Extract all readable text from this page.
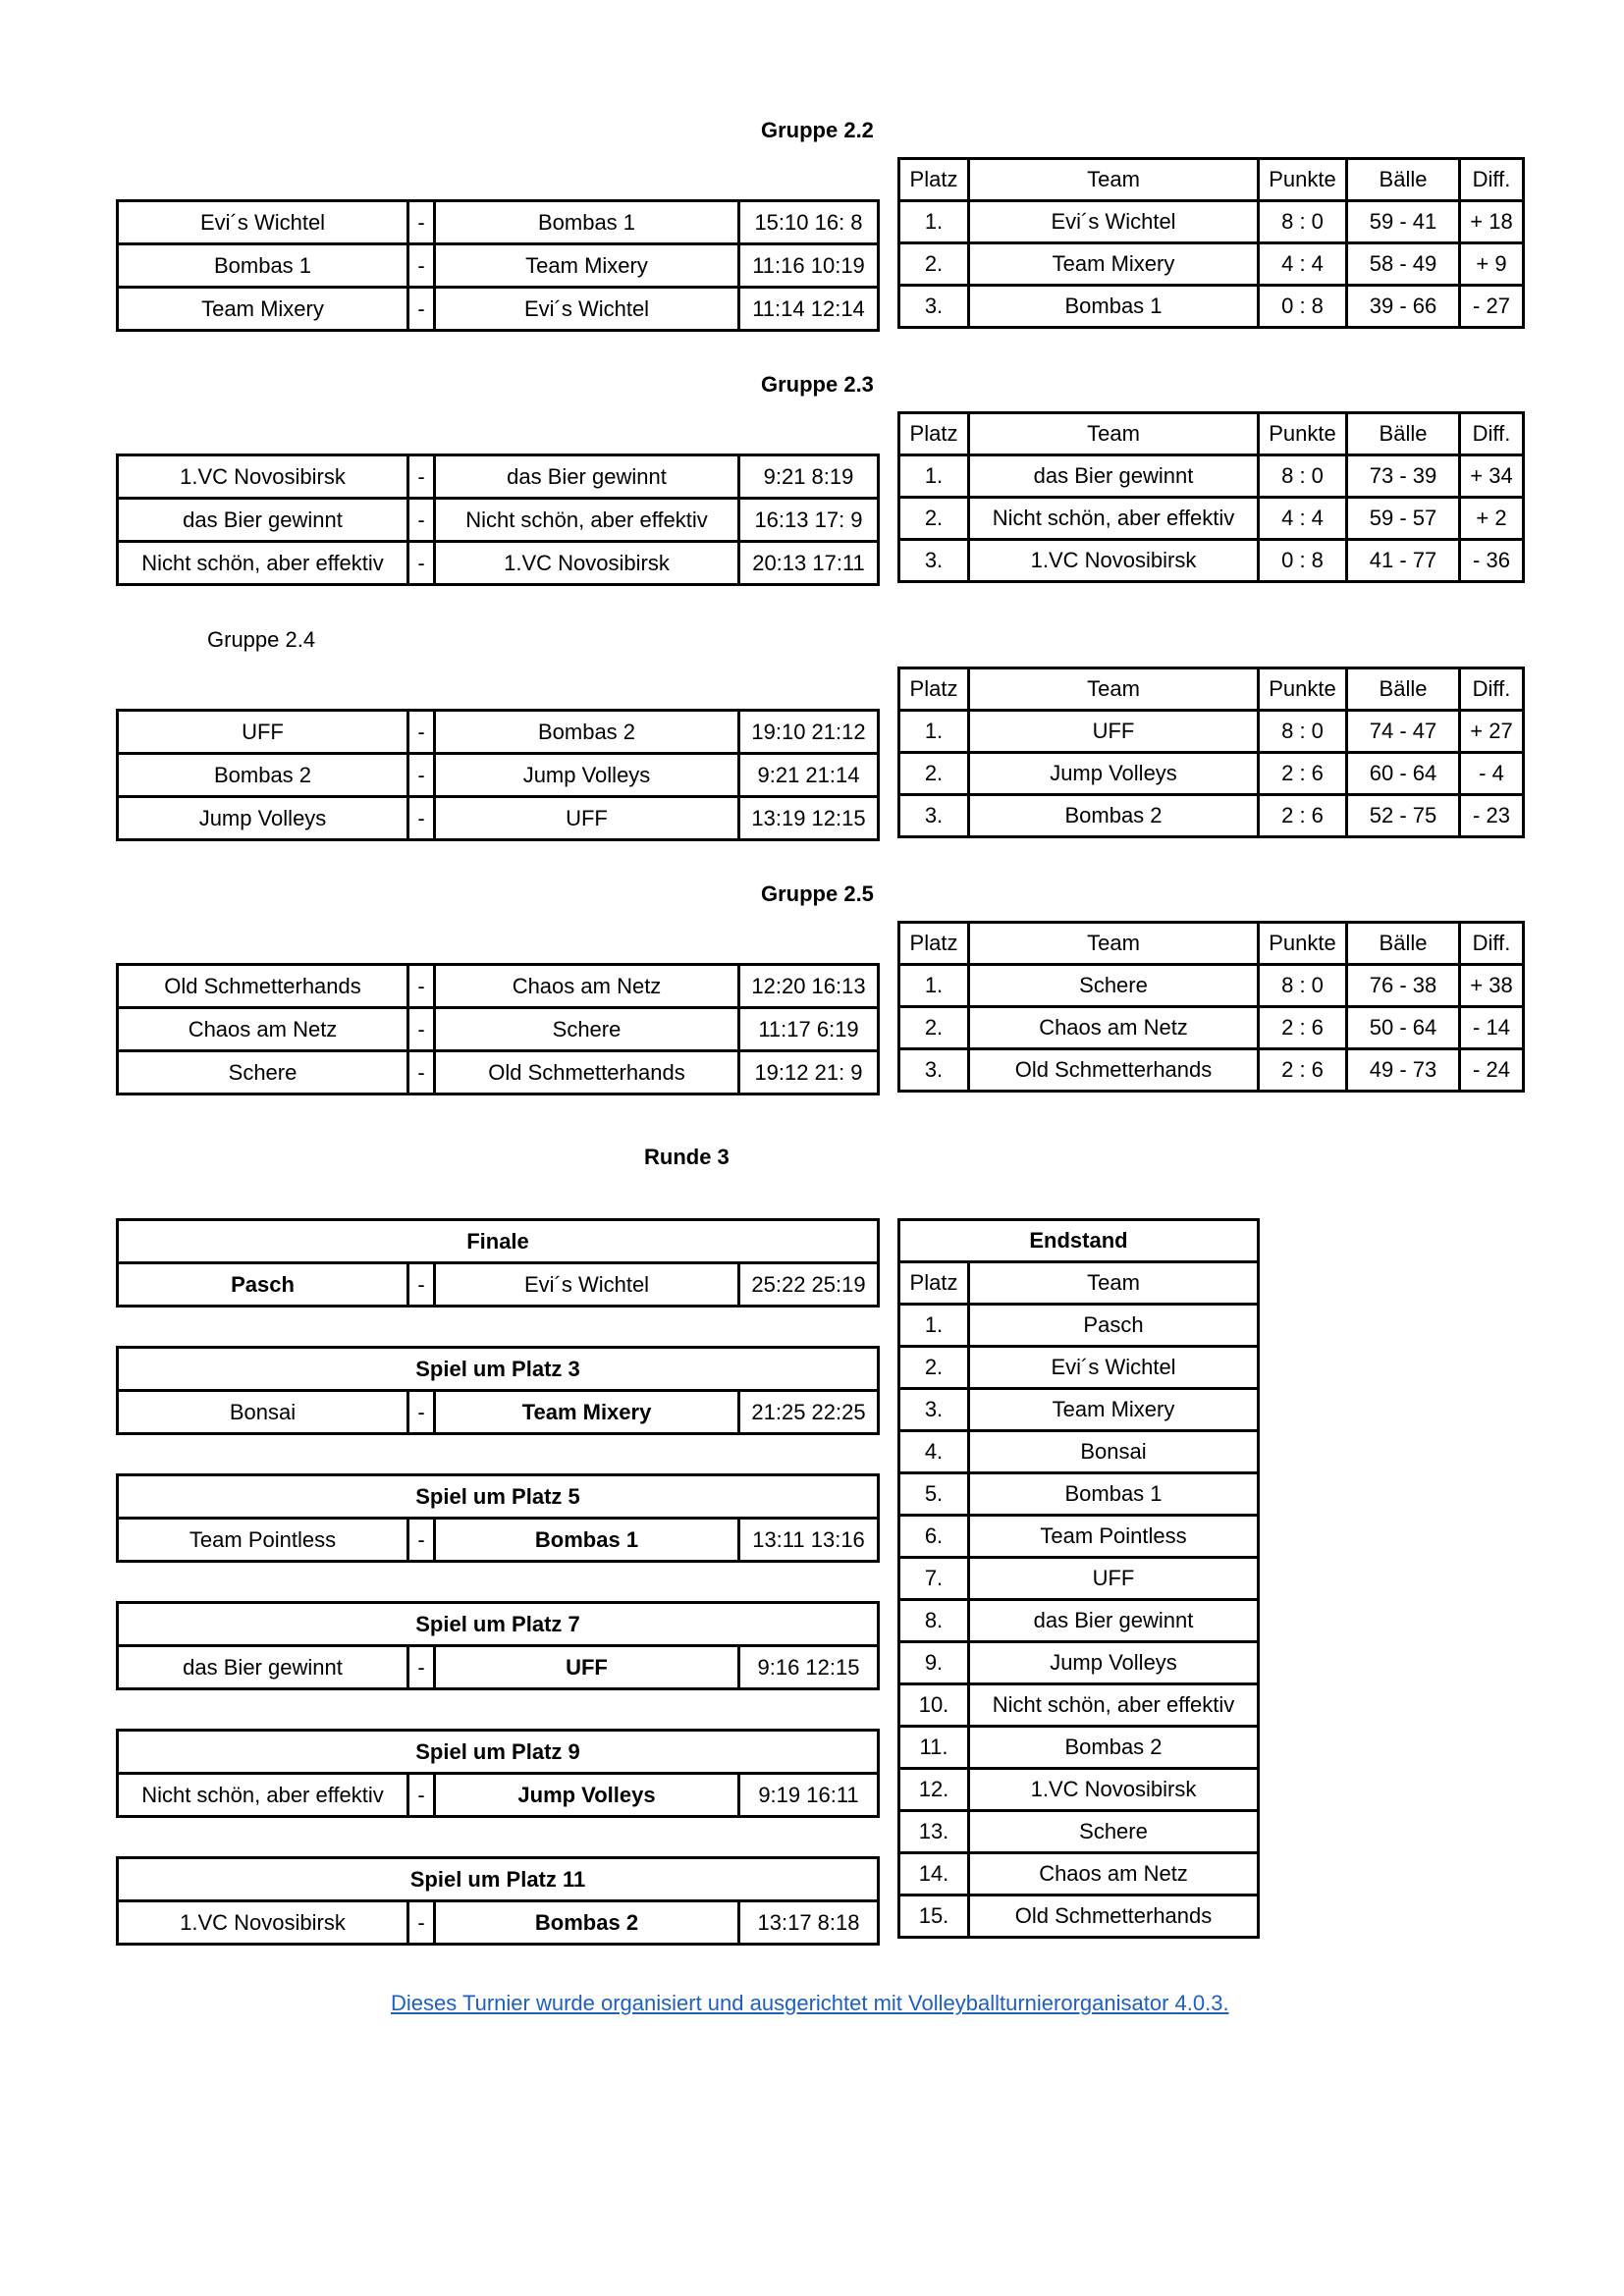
Gruppe 2.2
Platz	Team	Punkte	Bälle	Diff.
1.	Evi´s Wichtel	8 : 0	59 - 41	+ 18
2.	Team Mixery	4 : 4	58 - 49	+ 9
3.	Bombas 1	0 : 8	39 - 66	- 27
Evi´s Wichtel	-	Bombas 1	15:10 16: 8
Bombas 1	-	Team Mixery	11:16 10:19
Team Mixery	-	Evi´s Wichtel	11:14 12:14
Gruppe 2.3
Platz	Team	Punkte	Bälle	Diff.
1.	das Bier gewinnt	8 : 0	73 - 39	+ 34
2.	Nicht schön, aber effektiv	4 : 4	59 - 57	+ 2
3.	1.VC Novosibirsk	0 : 8	41 - 77	- 36
1.VC Novosibirsk	-	das Bier gewinnt	9:21 8:19
das Bier gewinnt	-	Nicht schön, aber effektiv	16:13 17: 9
Nicht schön, aber effektiv	-	1.VC Novosibirsk	20:13 17:11
Gruppe 2.4
Platz	Team	Punkte	Bälle	Diff.
1.	UFF	8 : 0	74 - 47	+ 27
2.	Jump Volleys	2 : 6	60 - 64	- 4
3.	Bombas 2	2 : 6	52 - 75	- 23
UFF	-	Bombas 2	19:10 21:12
Bombas 2	-	Jump Volleys	9:21 21:14
Jump Volleys	-	UFF	13:19 12:15
Gruppe 2.5
Platz	Team	Punkte	Bälle	Diff.
1.	Schere	8 : 0	76 - 38	+ 38
2.	Chaos am Netz	2 : 6	50 - 64	- 14
3.	Old Schmetterhands	2 : 6	49 - 73	- 24
Old Schmetterhands	-	Chaos am Netz	12:20 16:13
Chaos am Netz	-	Schere	11:17 6:19
Schere	-	Old Schmetterhands	19:12 21: 9
Runde 3
Finale
Pasch	-	Evi´s Wichtel	25:22 25:19
Spiel um Platz 3
Bonsai	-	Team Mixery	21:25 22:25
Spiel um Platz 5
Team Pointless	-	Bombas 1	13:11 13:16
Spiel um Platz 7
das Bier gewinnt	-	UFF	9:16 12:15
Spiel um Platz 9
Nicht schön, aber effektiv	-	Jump Volleys	9:19 16:11
Spiel um Platz 11
1.VC Novosibirsk	-	Bombas 2	13:17 8:18
Endstand	
Platz	Team
1.	Pasch
2.	Evi´s Wichtel
3.	Team Mixery
4.	Bonsai
5.	Bombas 1
6.	Team Pointless
7.	UFF
8.	das Bier gewinnt
9.	Jump Volleys
10.	Nicht schön, aber effektiv
11.	Bombas 2
12.	1.VC Novosibirsk
13.	Schere
14.	Chaos am Netz
15.	Old Schmetterhands
Dieses Turnier wurde organisiert und ausgerichtet mit Volleyballturnierorganisator 4.0.3.
